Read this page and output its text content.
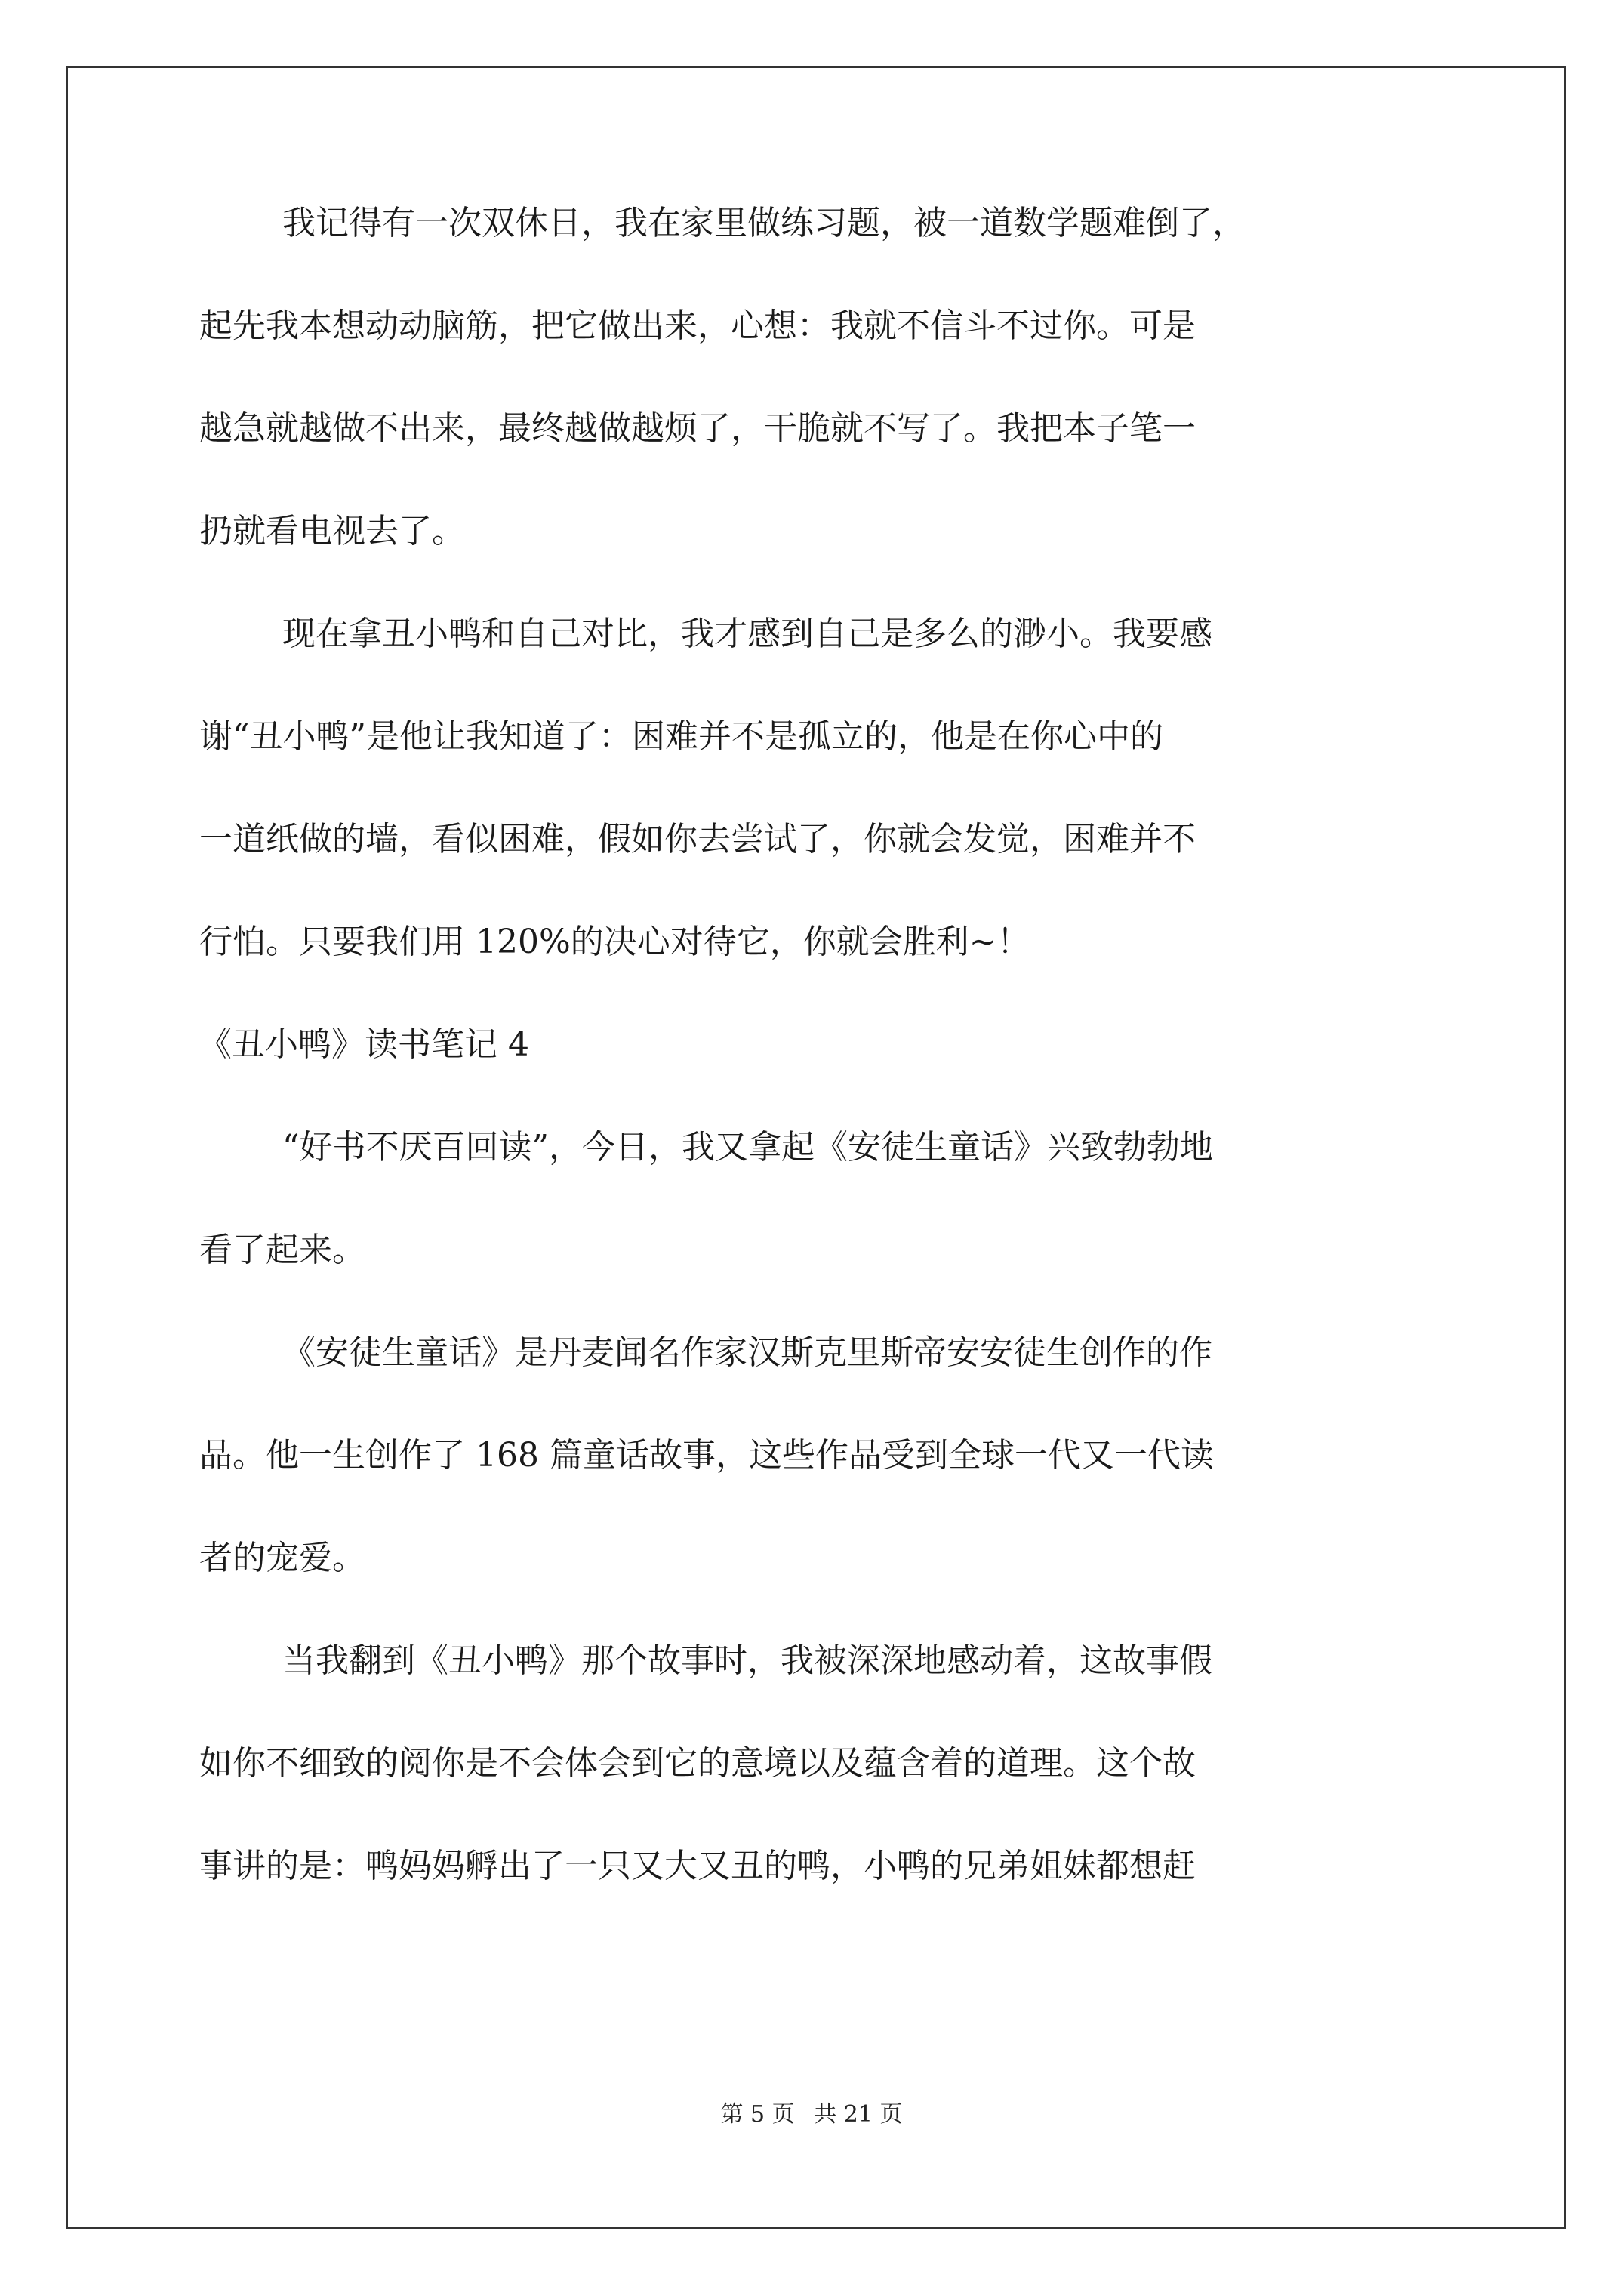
我记得有一次双休日，我在家里做练习题，被一道数学题难倒了，
起先我本想动动脑筋，把它做出来，心想：我就不信斗不过你。可是
越急就越做不出来，最终越做越烦了，干脆就不写了。我把本子笔一
扔就看电视去了。
现在拿丑小鸭和自己对比，我才感到自己是多么的渺小。我要感
谢“丑小鸭”是他让我知道了：困难并不是孤立的，他是在你心中的
一道纸做的墙，看似困难，假如你去尝试了，你就会发觉，困难并不
行怕。只要我们用 120%的决心对待它，你就会胜利~！
《丑小鸭》读书笔记 4
“好书不厌百回读”，今日，我又拿起《安徒生童话》兴致勃勃地
看了起来。
《安徒生童话》是丹麦闻名作家汉斯克里斯帝安安徒生创作的作
品。他一生创作了 168 篇童话故事，这些作品受到全球一代又一代读
者的宠爱。
当我翻到《丑小鸭》那个故事时，我被深深地感动着，这故事假
如你不细致的阅你是不会体会到它的意境以及蕴含着的道理。这个故
事讲的是：鸭妈妈孵出了一只又大又丑的鸭，小鸭的兄弟姐妹都想赶
第 5 页 共 21 页
